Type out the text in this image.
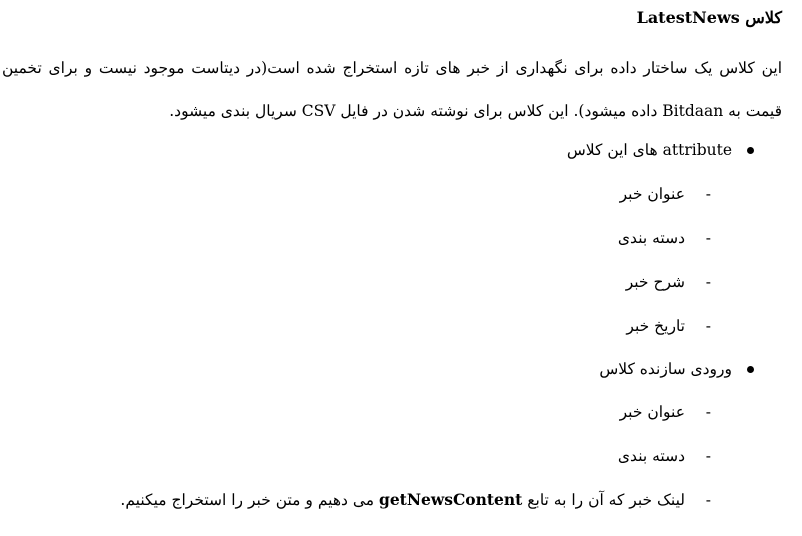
کلاس LatestNews
این کلاس یک ساختار داده برای نگهداری از خبر های تازه استخراج شده است(در دیتاست موجود نیست و برای تخمین قیمت به Bitdaan داده میشود). این کلاس برای نوشته شدن در فایل CSV سریال بندی میشود.
attribute های این کلاس
-
عنوان خبر
-
دسته بندی
-
شرح خبر
-
تاریخ خبر
ورودی سازنده کلاس
-
عنوان خبر
-
دسته بندی
-
لینک خبر که آن را به تابع getNewsContent می دهیم و متن خبر را استخراج میکنیم.
